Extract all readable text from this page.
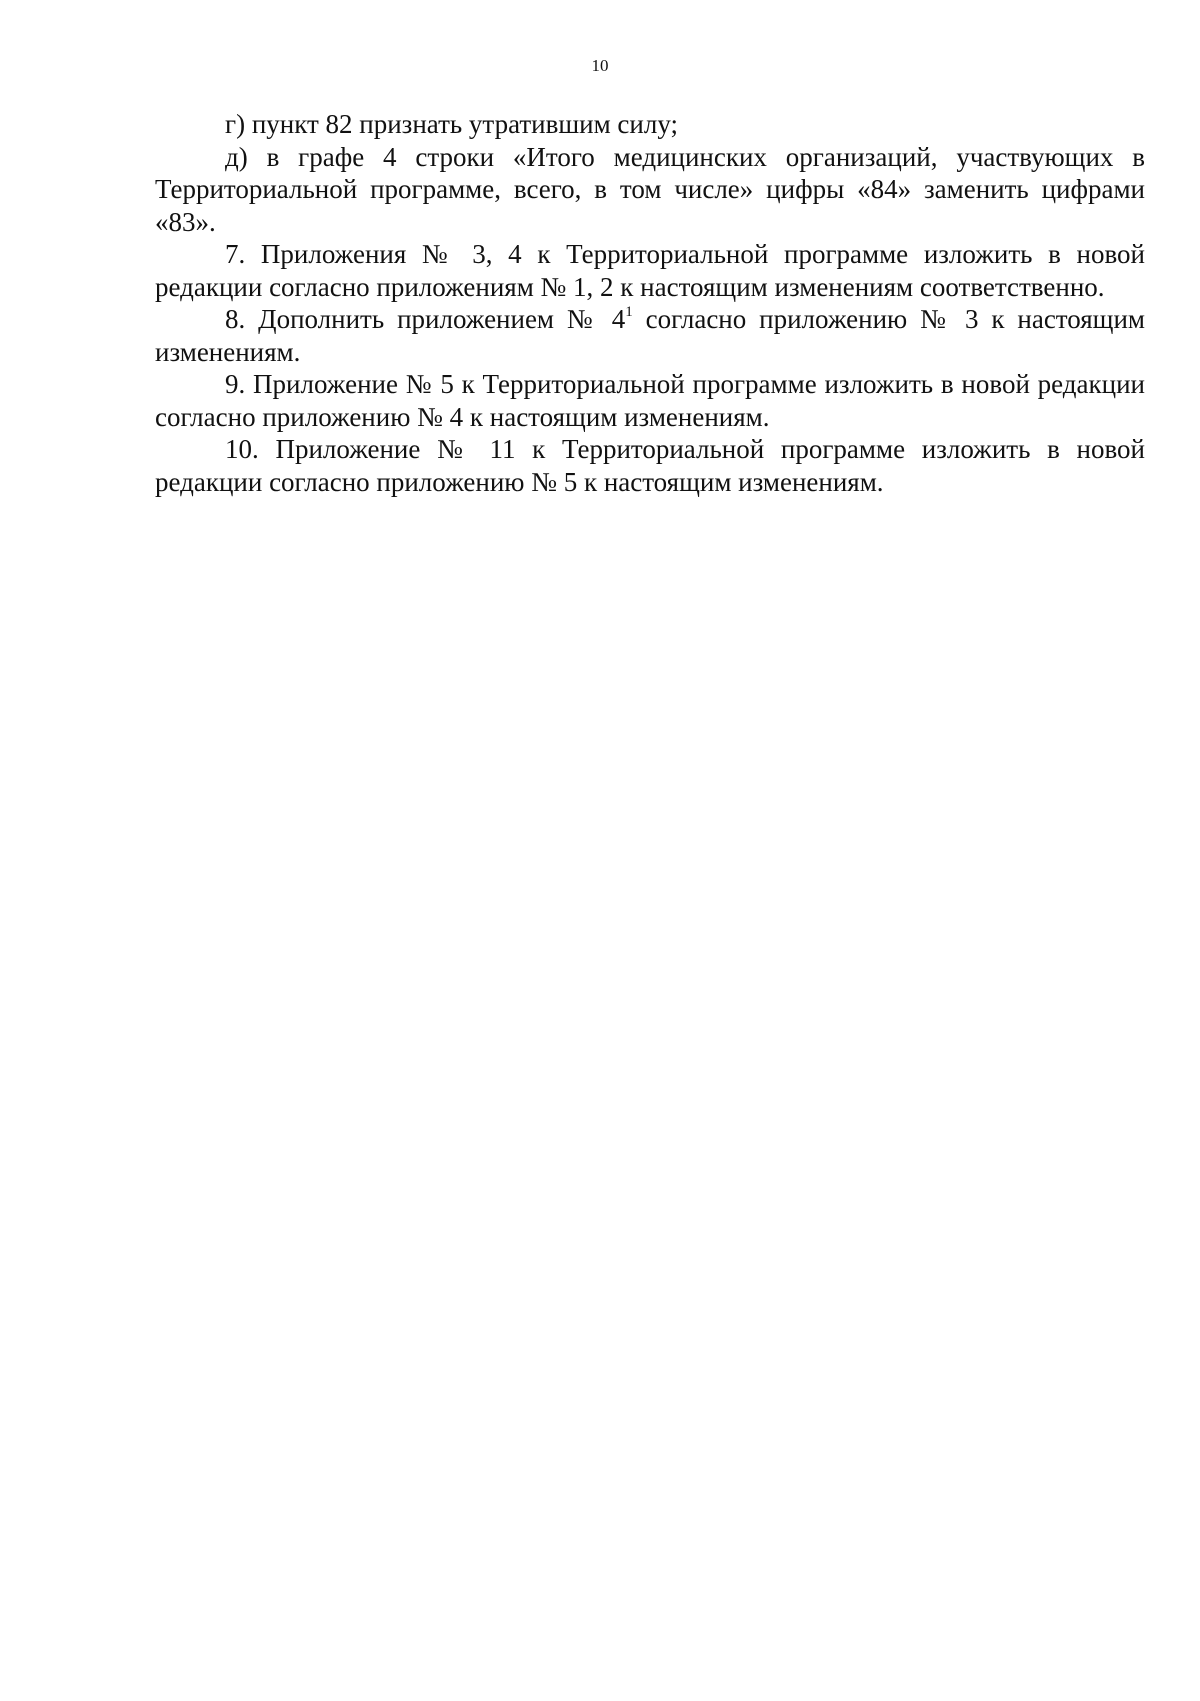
10

г) пункт 82 признать утратившим силу;

д) в графе 4 строки «Итого медицинских организаций, участвующих в Территориальной программе, всего, в том числе» цифры «84» заменить цифрами «83».

7. Приложения № 3, 4 к Территориальной программе изложить в новой редакции согласно приложениям № 1, 2 к настоящим изменениям соответственно.

8. Дополнить приложением № $4^1$ согласно приложению № 3 к настоящим изменениям.

9. Приложение № 5 к Территориальной программе изложить в новой редакции согласно приложению № 4 к настоящим изменениям.

10. Приложение № 11 к Территориальной программе изложить в новой редакции согласно приложению № 5 к настоящим изменениям.
